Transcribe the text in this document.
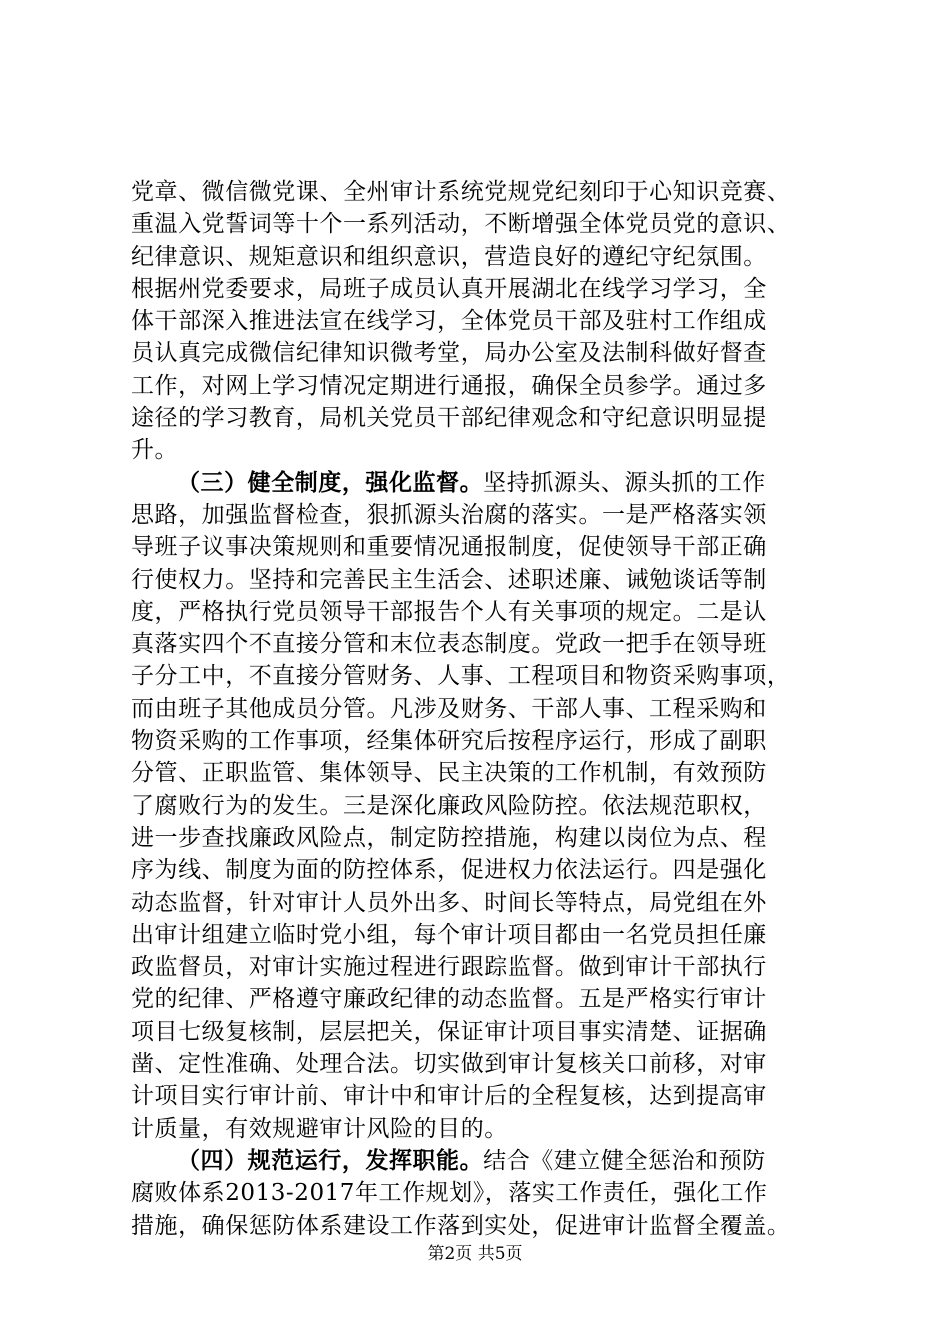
党章、微信微党课、全州审计系统党规党纪刻印于心知识竞赛、
重温入党誓词等十个一系列活动，不断增强全体党员党的意识、
纪律意识、规矩意识和组织意识，营造良好的遵纪守纪氛围。
根据州党委要求，局班子成员认真开展湖北在线学习学习，全
体干部深入推进法宣在线学习，全体党员干部及驻村工作组成
员认真完成微信纪律知识微考堂，局办公室及法制科做好督查
工作，对网上学习情况定期进行通报，确保全员参学。通过多
途径的学习教育，局机关党员干部纪律观念和守纪意识明显提
升。
（三）健全制度，强化监督。坚持抓源头、源头抓的工作
思路，加强监督检查，狠抓源头治腐的落实。一是严格落实领
导班子议事决策规则和重要情况通报制度，促使领导干部正确
行使权力。坚持和完善民主生活会、述职述廉、诫勉谈话等制
度，严格执行党员领导干部报告个人有关事项的规定。二是认
真落实四个不直接分管和末位表态制度。党政一把手在领导班
子分工中，不直接分管财务、人事、工程项目和物资采购事项，
而由班子其他成员分管。凡涉及财务、干部人事、工程采购和
物资采购的工作事项，经集体研究后按程序运行，形成了副职
分管、正职监管、集体领导、民主决策的工作机制，有效预防
了腐败行为的发生。三是深化廉政风险防控。依法规范职权，
进一步查找廉政风险点，制定防控措施，构建以岗位为点、程
序为线、制度为面的防控体系，促进权力依法运行。四是强化
动态监督，针对审计人员外出多、时间长等特点，局党组在外
出审计组建立临时党小组，每个审计项目都由一名党员担任廉
政监督员，对审计实施过程进行跟踪监督。做到审计干部执行
党的纪律、严格遵守廉政纪律的动态监督。五是严格实行审计
项目七级复核制，层层把关，保证审计项目事实清楚、证据确
凿、定性准确、处理合法。切实做到审计复核关口前移，对审
计项目实行审计前、审计中和审计后的全程复核，达到提高审
计质量，有效规避审计风险的目的。
（四）规范运行，发挥职能。结合《建立健全惩治和预防
腐败体系2013-2017年工作规划》，落实工作责任，强化工作
措施，确保惩防体系建设工作落到实处，促进审计监督全覆盖。
第2页 共5页
